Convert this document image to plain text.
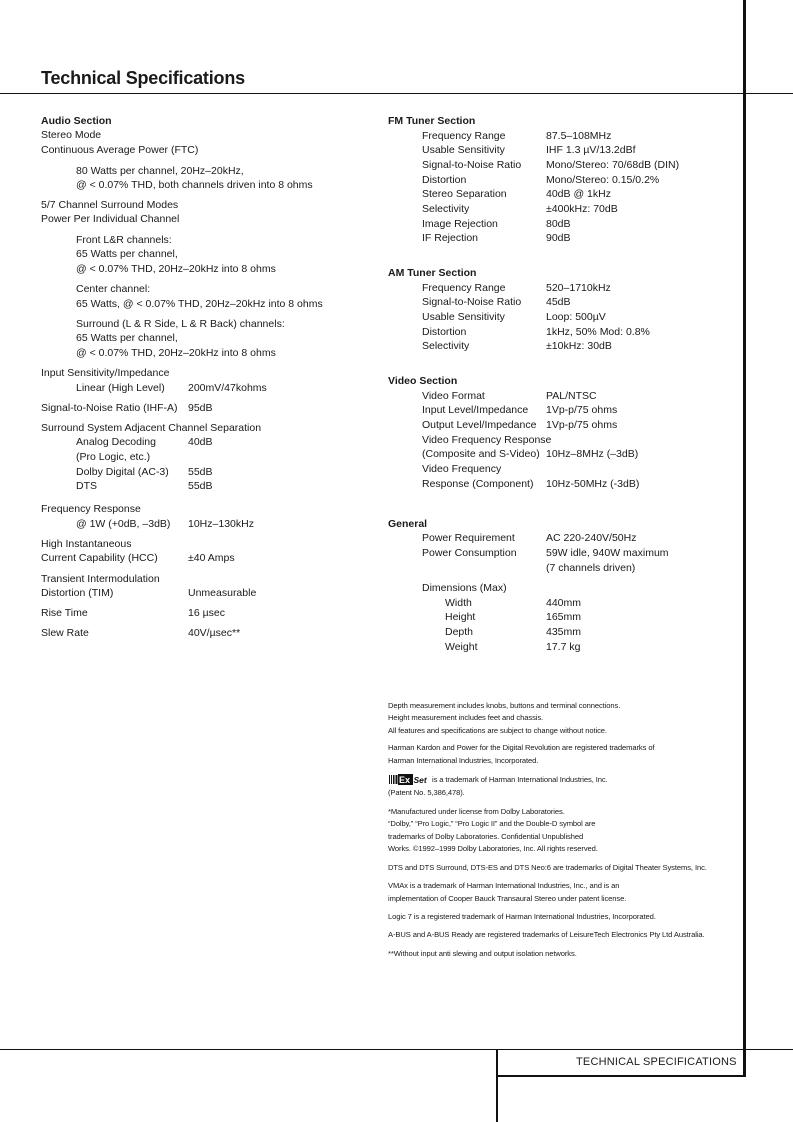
Technical Specifications
Audio Section
Stereo Mode
Continuous Average Power (FTC)
80 Watts per channel, 20Hz–20kHz,
@ < 0.07% THD, both channels driven into 8 ohms
5/7 Channel Surround Modes
Power Per Individual Channel
Front L&R channels:
65 Watts per channel,
@ < 0.07% THD, 20Hz–20kHz into 8 ohms
Center channel:
65 Watts, @ < 0.07% THD, 20Hz–20kHz into 8 ohms
Surround (L & R Side, L & R Back) channels:
65 Watts per channel,
@ < 0.07% THD, 20Hz–20kHz into 8 ohms
Input Sensitivity/Impedance
Linear (High Level) 200mV/47kohms
Signal-to-Noise Ratio (IHF-A) 95dB
Surround System Adjacent Channel Separation
Analog Decoding	40dB
(Pro Logic, etc.)
Dolby Digital (AC-3) 55dB
DTS	55dB
Frequency Response
@ 1W (+0dB, –3dB) 10Hz–130kHz
High Instantaneous
Current Capability (HCC)	±40 Amps
Transient Intermodulation
Distortion (TIM)	Unmeasurable
Rise Time	16 µsec
Slew Rate	40V/µsec**
FM Tuner Section
Frequency Range	87.5–108MHz
Usable Sensitivity	IHF 1.3 µV/13.2dBf
Signal-to-Noise Ratio Mono/Stereo: 70/68dB (DIN)
Distortion	Mono/Stereo: 0.15/0.2%
Stereo Separation	40dB @ 1kHz
Selectivity	±400kHz: 70dB
Image Rejection	80dB
IF Rejection	90dB
AM Tuner Section
Frequency Range	520–1710kHz
Signal-to-Noise Ratio 45dB
Usable Sensitivity	Loop: 500µV
Distortion	1kHz, 50% Mod: 0.8%
Selectivity	±10kHz: 30dB
Video Section
Video Format	PAL/NTSC
Input Level/Impedance 1Vp-p/75 ohms
Output Level/Impedance 1Vp-p/75 ohms
Video Frequency Response
(Composite and S-Video) 10Hz–8MHz (–3dB)
Video Frequency
Response (Component) 10Hz-50MHz (-3dB)
General
Power Requirement	AC 220-240V/50Hz
Power Consumption	59W idle, 940W maximum
(7 channels driven)
Dimensions (Max)
Width	440mm
Height	165mm
Depth	435mm
Weight	17.7 kg
Depth measurement includes knobs, buttons and terminal connections.
Height measurement includes feet and chassis.
All features and specifications are subject to change without notice.
Harman Kardon and Power for the Digital Revolution are registered trademarks of
Harman International Industries, Incorporated.
Ex Set is a trademark of Harman International Industries, Inc.
(Patent No. 5,386,478).
*Manufactured under license from Dolby Laboratories.
“Dolby,” “Pro Logic,” “Pro Logic II” and the Double-D symbol are
trademarks of Dolby Laboratories. Confidential Unpublished
Works. ©1992–1999 Dolby Laboratories, Inc. All rights reserved.
DTS and DTS Surround, DTS-ES and DTS Neo:6 are trademarks of Digital Theater Systems, Inc.
VMAx is a trademark of Harman International Industries, Inc., and is an
implementation of Cooper Bauck Transaural Stereo under patent license.
Logic 7 is a registered trademark of Harman International Industries, Incorporated.
A-BUS and A-BUS Ready are registered trademarks of LeisureTech Electronics Pty Ltd Australia.
**Without input anti slewing and output isolation networks.
TECHNICAL SPECIFICATIONS
